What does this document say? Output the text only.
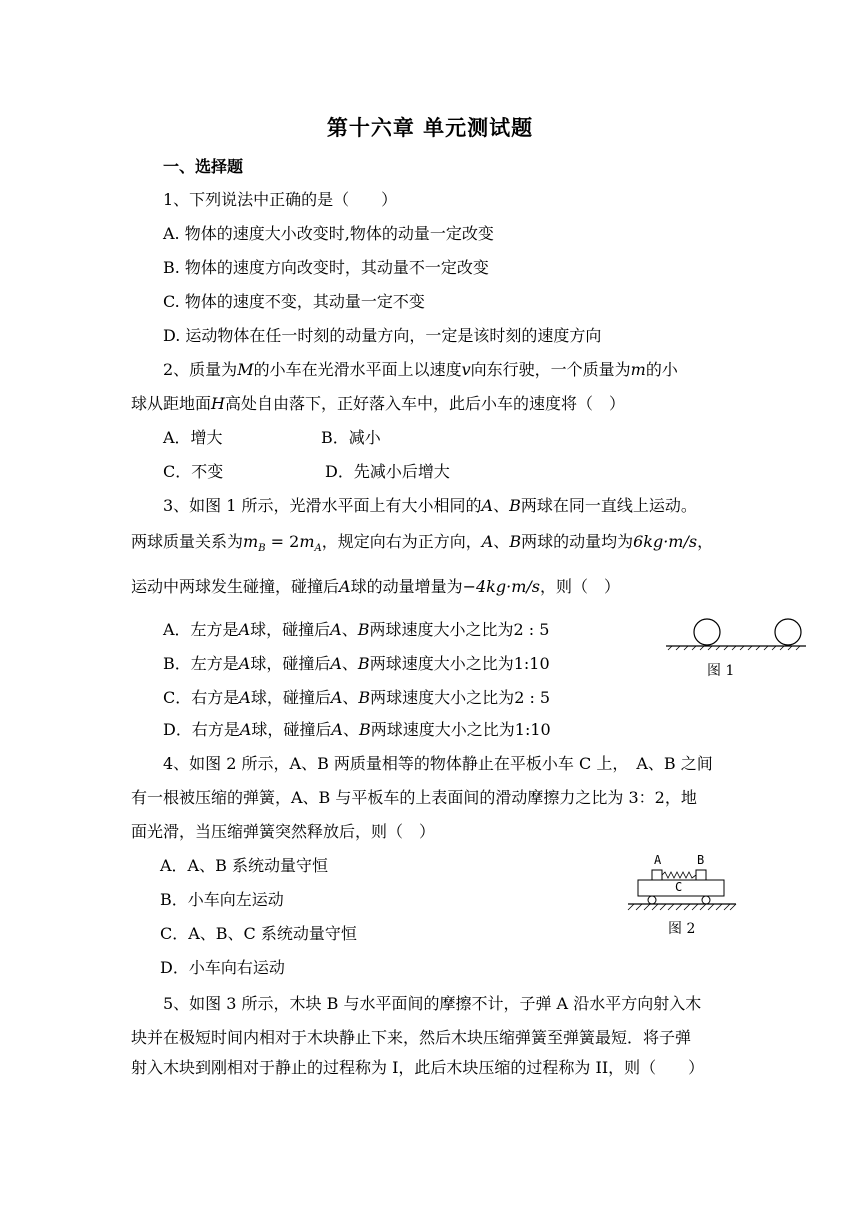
第十六章 单元测试题
一、选择题
1、下列说法中正确的是（　　）
A. 物体的速度大小改变时,物体的动量一定改变
B. 物体的速度方向改变时，其动量不一定改变
C. 物体的速度不变，其动量一定不变
D. 运动物体在任一时刻的动量方向，一定是该时刻的速度方向
2、质量为M的小车在光滑水平面上以速度v向东行驶，一个质量为m的小
球从距地面H高处自由落下，正好落入车中，此后小车的速度将（　）
A．增大	B．减小
C．不变	D．先减小后增大
3、如图 1 所示，光滑水平面上有大小相同的A、B两球在同一直线上运动。
两球质量关系为$m_B = 2m_A$，规定向右为正方向，A、B两球的动量均为6kg·m/s，
运动中两球发生碰撞，碰撞后A球的动量增量为−4kg·m/s，则（　）
A．左方是A球，碰撞后A、B两球速度大小之比为2 : 5
B．左方是A球，碰撞后A、B两球速度大小之比为1:10
C．右方是A球，碰撞后A、B两球速度大小之比为2 : 5
D．右方是A球，碰撞后A、B两球速度大小之比为1:10
图 1
4、如图 2 所示，A、B 两质量相等的物体静止在平板小车 C 上，　A、B 之间
有一根被压缩的弹簧，A、B 与平板车的上表面间的滑动摩擦力之比为 3：2，地
面光滑，当压缩弹簧突然释放后，则（　）
A．A、B 系统动量守恒
B．小车向左运动
C．A、B、C 系统动量守恒
D．小车向右运动
A	B
C
图 2
5、如图 3 所示，木块 B 与水平面间的摩擦不计，子弹 A 沿水平方向射入木
块并在极短时间内相对于木块静止下来，然后木块压缩弹簧至弹簧最短．将子弹
射入木块到刚相对于静止的过程称为 I，此后木块压缩的过程称为 II，则（　　）
